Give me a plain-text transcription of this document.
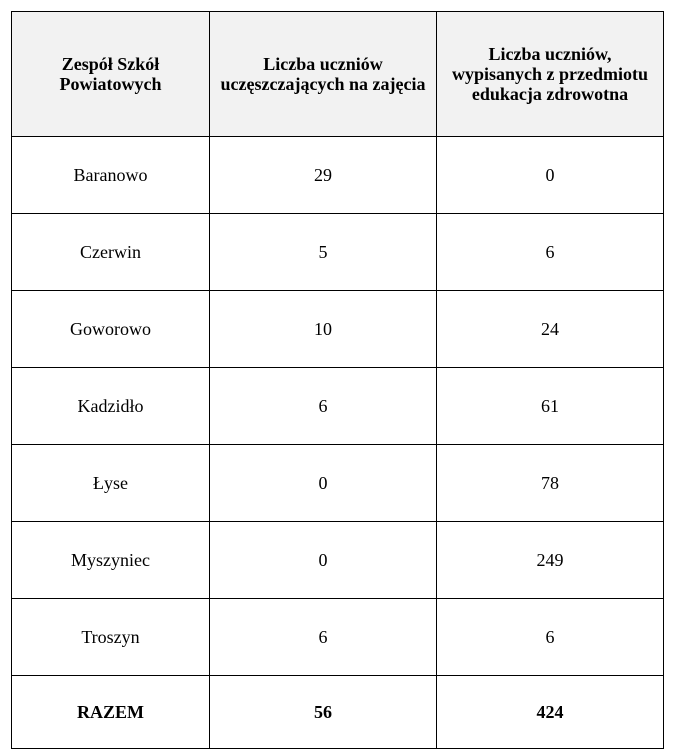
Zespół Szkół Powiatowych	Liczba uczniów uczęszczających na zajęcia	Liczba uczniów, wypisanych z przedmiotu edukacja zdrowotna
Baranowo	29	0
Czerwin	5	6
Goworowo	10	24
Kadzidło	6	61
Łyse	0	78
Myszyniec	0	249
Troszyn	6	6
RAZEM	56	424
